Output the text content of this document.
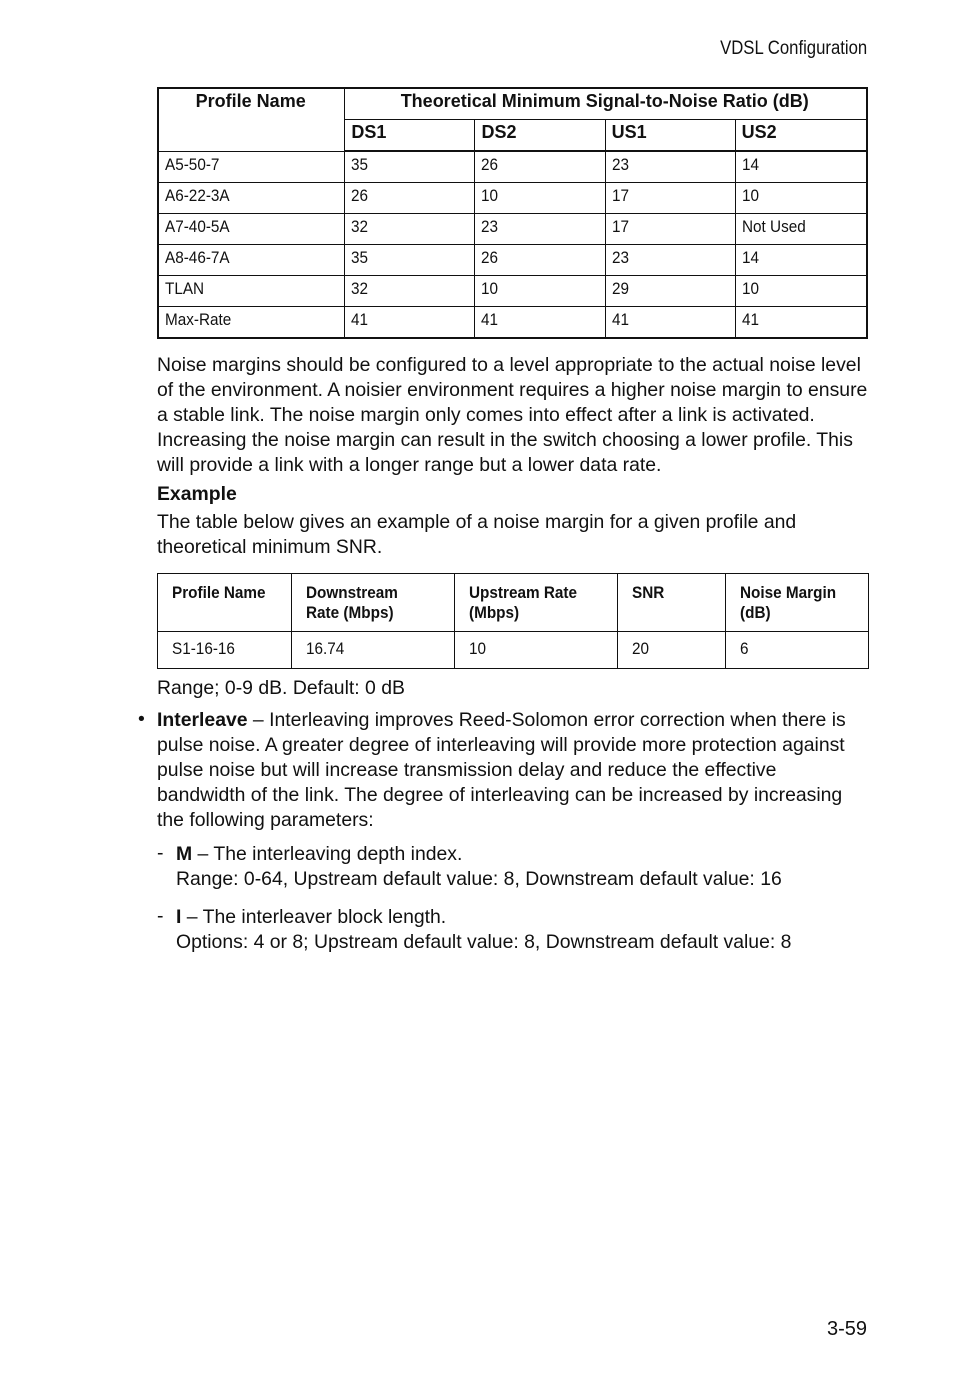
VDSL Configuration
Profile Name	Theoretical Minimum Signal-to-Noise Ratio (dB)			
	DS1	DS2	US1	US2
A5-50-7	35	26	23	14
A6-22-3A	26	10	17	10
A7-40-5A	32	23	17	Not Used
A8-46-7A	35	26	23	14
TLAN	32	10	29	10
Max-Rate	41	41	41	41
Noise margins should be configured to a level appropriate to the actual noise level of the environment. A noisier environment requires a higher noise margin to ensure a stable link. The noise margin only comes into effect after a link is activated. Increasing the noise margin can result in the switch choosing a lower profile. This will provide a link with a longer range but a lower data rate.
Example
The table below gives an example of a noise margin for a given profile and theoretical minimum SNR.
Profile Name	Downstream Rate (Mbps)	Upstream Rate (Mbps)	SNR	Noise Margin (dB)
S1-16-16	16.74	10	20	6
Range; 0-9 dB. Default: 0 dB
• Interleave – Interleaving improves Reed-Solomon error correction when there is pulse noise. A greater degree of interleaving will provide more protection against pulse noise but will increase transmission delay and reduce the effective bandwidth of the link. The degree of interleaving can be increased by increasing the following parameters:
- M – The interleaving depth index.
Range: 0-64, Upstream default value: 8, Downstream default value: 16
- I – The interleaver block length.
Options: 4 or 8; Upstream default value: 8, Downstream default value: 8
3-59
